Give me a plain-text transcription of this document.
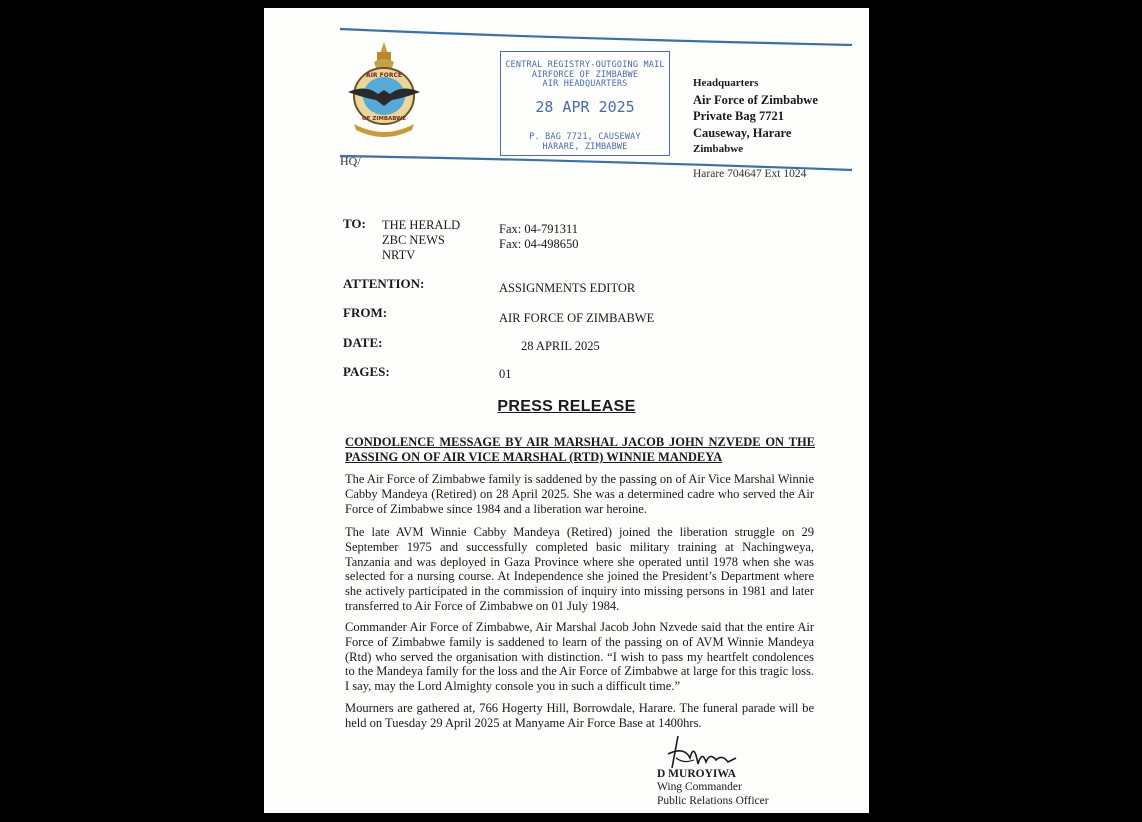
AIR FORCE
OF ZIMBABWE
CENTRAL REGISTRY-OUTGOING MAIL
AIRFORCE OF ZIMBABWE
AIR HEADQUARTERS
28 APR 2025
P. BAG 7721, CAUSEWAY
HARARE, ZIMBABWE
Headquarters
Air Force of Zimbabwe
Private Bag 7721
Causeway, Harare
Zimbabwe
Harare 704647 Ext 1024
HQ/
TO: THE HERALD
ZBC NEWS
NRTV
Fax: 04-791311
Fax: 04-498650
ATTENTION:	ASSIGNMENTS EDITOR
FROM:	AIR FORCE OF ZIMBABWE
DATE:	28 APRIL 2025
PAGES:	01
PRESS RELEASE
CONDOLENCE MESSAGE BY AIR MARSHAL JACOB JOHN NZVEDE ON THE PASSING ON OF AIR VICE MARSHAL (RTD) WINNIE MANDEYA

The Air Force of Zimbabwe family is saddened by the passing on of Air Vice Marshal Winnie Cabby Mandeya (Retired) on 28 April 2025. She was a determined cadre who served the Air Force of Zimbabwe since 1984 and a liberation war heroine.

The late AVM Winnie Cabby Mandeya (Retired) joined the liberation struggle on 29 September 1975 and successfully completed basic military training at Nachingweya, Tanzania and was deployed in Gaza Province where she operated until 1978 when she was selected for a nursing course. At Independence she joined the President’s Department where she actively participated in the commission of inquiry into missing persons in 1981 and later transferred to Air Force of Zimbabwe on 01 July 1984.

Commander Air Force of Zimbabwe, Air Marshal Jacob John Nzvede said that the entire Air Force of Zimbabwe family is saddened to learn of the passing on of AVM Winnie Mandeya (Rtd) who served the organisation with distinction. “I wish to pass my heartfelt condolences to the Mandeya family for the loss and the Air Force of Zimbabwe at large for this tragic loss. I say, may the Lord Almighty console you in such a difficult time.”

Mourners are gathered at, 766 Hogerty Hill, Borrowdale, Harare. The funeral parade will be held on Tuesday 29 April 2025 at Manyame Air Force Base at 1400hrs.

D MUROYIWA
Wing Commander
Public Relations Officer
